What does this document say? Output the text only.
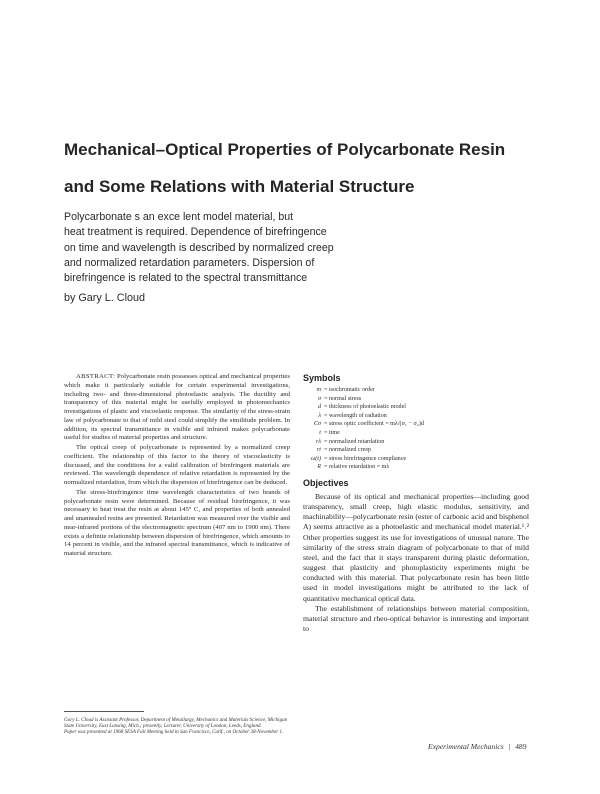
Mechanical–Optical Properties of Polycarbonate Resin
and Some Relations with Material Structure
Polycarbonate s an exce lent model material, but
heat treatment is required. Dependence of birefringence
on time and wavelength is described by normalized creep
and normalized retardation parameters. Dispersion of
birefringence is related to the spectral transmittance
by Gary L. Cloud

ABSTRACT: Polycarbonate resin possesses optical and mechanical properties which make it particularly suitable for certain experimental investigations, including two- and three-dimensional photoelastic analysis. The ductility and transparency of this material might be usefully employed in photomechanics investigations of plastic and viscoelastic response. The similarity of the stress-strain law of polycarbonate to that of mild steel could simplify the similitude problem. In addition, its spectral transmittance in visible and infrared makes polycarbonate useful for studies of material properties and structure.

The optical creep of polycarbonate is represented by a normalized creep coefficient. The relationship of this factor to the theory of viscoelasticity is discussed, and the conditions for a valid calibration of birefringent materials are reviewed. The wavelength dependence of relative retardation is represented by the normalized retardation, from which the dispersion of birefringence can be deduced.

The stress-birefringence time wavelength characteristics of two brands of polycarbonate resin were determined. Because of residual birefringence, it was necessary to heat treat the resin at about 145° C, and properties of both annealed and unannealed resins are presented. Retardation was measured over the visible and near-infrared portions of the electromagnetic spectrum (407 nm to 1900 nm). There exists a definite relationship between dispersion of birefringence, which amounts to 14 percent in visible, and the infrared spectral transmittance, which is indicative of material structure.

Gary L. Cloud is Assistant Professor, Department of Metallurgy, Mechanics and Materials Science, Michigan State University, East Lansing, Mich.; presently, Lecturer, University of London, Leeds, England.
Paper was presented at 1968 SESA Fall Meeting held in San Francisco, Calif., on October 28-November 1.
Symbols
m = isochromatic order
σ = normal stress
d = thickness of photoelastic model
λ = wavelength of radiation
Cσ = stress optic coefficient = mλ/(σ₁ − σ₂)d
t = time
rλ = normalized retardation
rt = normalized creep
ω(t) = stress birefringence compliance
R = relative retardation = mλ
Objectives

Because of its optical and mechanical properties—including good transparency, small creep, high elastic modulus, sensitivity, and machinability—polycarbonate resin (ester of carbonic acid and bisphenol A) seems attractive as a photoelastic and mechanical model material.¹˒² Other properties suggest its use for investigations of unusual nature. The similarity of the stress strain diagram of polycarbonate to that of mild steel, and the fact that it stays transparent during plastic deformation, suggest that plasticity and photoplasticity experiments might be conducted with this material. That polycarbonate resin has been little used in model investigations might be attributed to the lack of quantitative mechanical optical data.

The establishment of relationships between material composition, material structure and rheo-optical behavior is interesting and important to

Experimental Mechanics | 489
